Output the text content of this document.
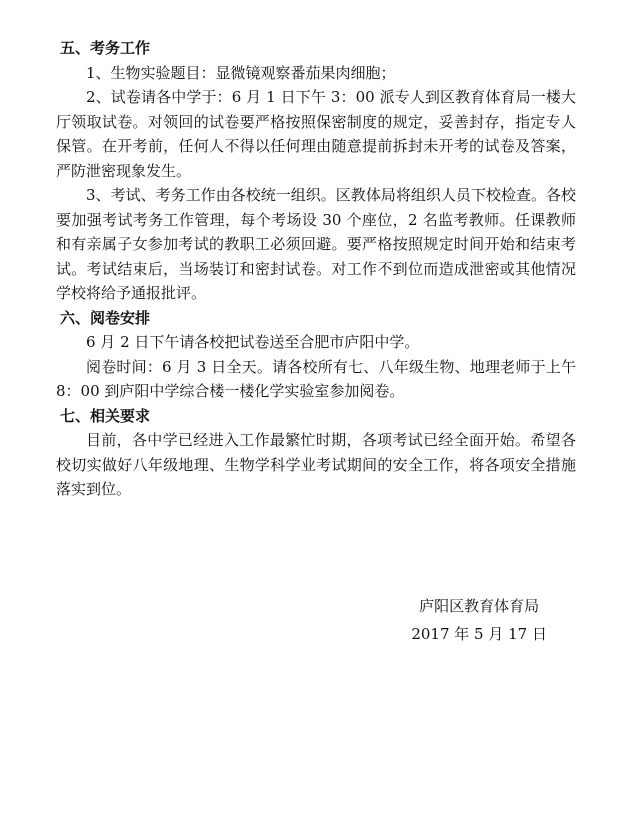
五、考务工作

1、生物实验题目：显微镜观察番茄果肉细胞；

2、试卷请各中学于：6 月 1 日下午 3：00 派专人到区教育体育局一楼大厅领取试卷。对领回的试卷要严格按照保密制度的规定，妥善封存，指定专人保管。在开考前，任何人不得以任何理由随意提前拆封未开考的试卷及答案，严防泄密现象发生。

3、考试、考务工作由各校统一组织。区教体局将组织人员下校检查。各校要加强考试考务工作管理，每个考场设 30 个座位，2 名监考教师。任课教师和有亲属子女参加考试的教职工必须回避。要严格按照规定时间开始和结束考试。考试结束后，当场装订和密封试卷。对工作不到位而造成泄密或其他情况学校将给予通报批评。

六、阅卷安排

6 月 2 日下午请各校把试卷送至合肥市庐阳中学。

阅卷时间：6 月 3 日全天。请各校所有七、八年级生物、地理老师于上午 8：00 到庐阳中学综合楼一楼化学实验室参加阅卷。

七、相关要求

目前，各中学已经进入工作最繁忙时期，各项考试已经全面开始。希望各校切实做好八年级地理、生物学科学业考试期间的安全工作，将各项安全措施落实到位。

庐阳区教育体育局
2017 年 5 月 17 日
